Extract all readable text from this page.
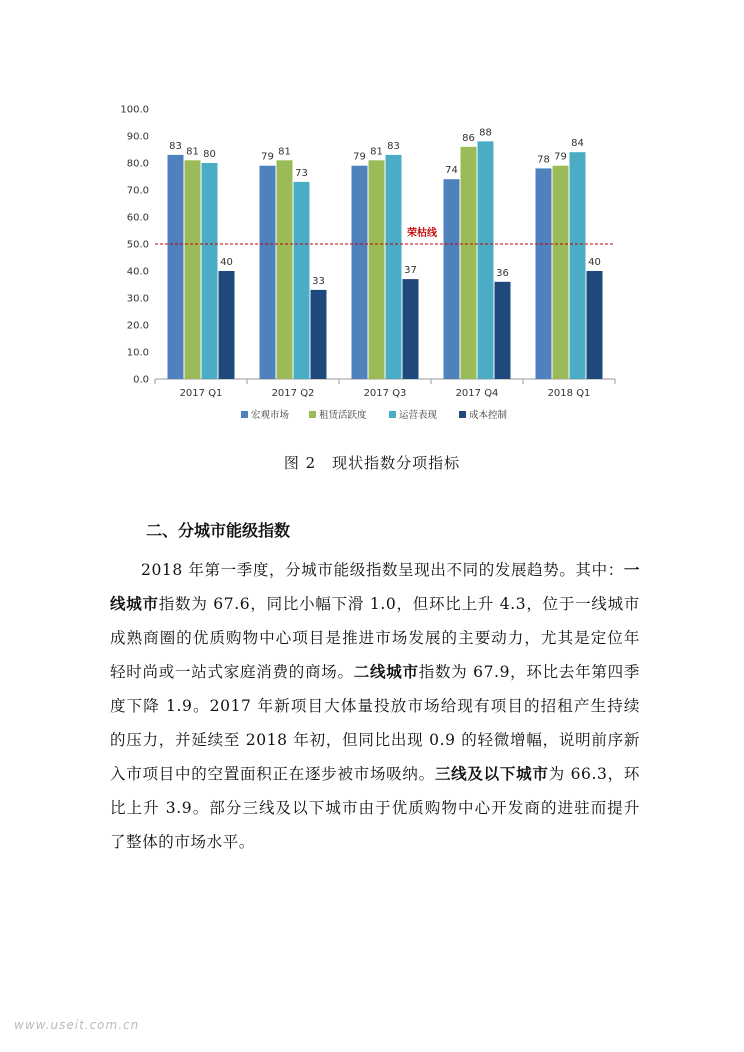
0.0
10.0
20.0
30.0
40.0
50.0
60.0
70.0
80.0
90.0
100.0
83 81 80
40
2017 Q1
79 81
73
33
2017 Q2
79 81 83
37
2017 Q3
74
86 88
36
2017 Q4
78 79
84
40
2018 Q1
荣枯线
宏观市场	租赁活跃度	运营表现	成本控制
图 2　现状指数分项指标
二、分城市能级指数

2018 年第一季度，分城市能级指数呈现出不同的发展趋势。其中：一线城市指数为 67.6，同比小幅下滑 1.0，但环比上升 4.3，位于一线城市成熟商圈的优质购物中心项目是推进市场发展的主要动力，尤其是定位年轻时尚或一站式家庭消费的商场。二线城市指数为 67.9，环比去年第四季度下降 1.9。2017 年新项目大体量投放市场给现有项目的招租产生持续的压力，并延续至 2018 年初，但同比出现 0.9 的轻微增幅，说明前序新入市项目中的空置面积正在逐步被市场吸纳。三线及以下城市为 66.3，环比上升 3.9。部分三线及以下城市由于优质购物中心开发商的进驻而提升了整体的市场水平。

www.useit.com.cn
